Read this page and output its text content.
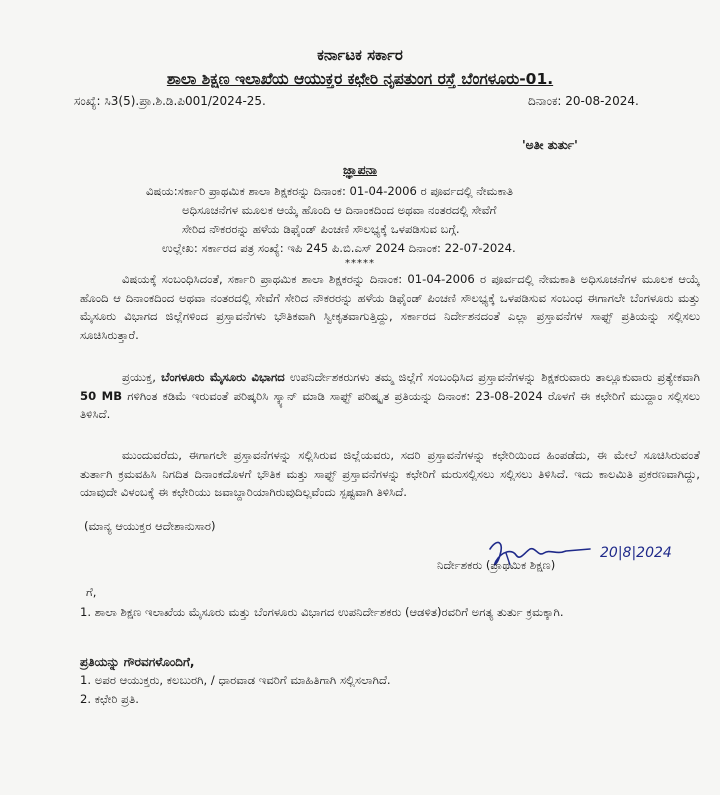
ಕರ್ನಾಟಕ ಸರ್ಕಾರ
ಶಾಲಾ ಶಿಕ್ಷಣ ಇಲಾಖೆಯ ಆಯುಕ್ತರ ಕಛೇರಿ ನೃಪತುಂಗ ರಸ್ತೆ ಬೆಂಗಳೂರು-01.
ಸಂಖ್ಯೆ: ಸಿ3(5).ಪ್ರಾ.ಶಿ.ಡಿ.ಪಿ001/2024-25.	ದಿನಾಂಕ: 20-08-2024.
'ಅತೀ ತುರ್ತು'
ಜ್ಞಾಪನಾ
ವಿಷಯ:ಸರ್ಕಾರಿ ಪ್ರಾಥಮಿಕ ಶಾಲಾ ಶಿಕ್ಷಕರನ್ನು ದಿನಾಂಕ: 01-04-2006 ರ ಪೂರ್ವದಲ್ಲಿ ನೇಮಕಾತಿ
ಅಧಿಸೂಚನೆಗಳ ಮೂಲಕ ಆಯ್ಕೆ ಹೊಂದಿ ಆ ದಿನಾಂಕದಿಂದ ಅಥವಾ ನಂತರದಲ್ಲಿ ಸೇವೆಗೆ
ಸೇರಿದ ನೌಕರರನ್ನು ಹಳೆಯ ಡಿಫೈಂಡ್ ಪಿಂಚಣಿ ಸೌಲಭ್ಯಕ್ಕೆ ಒಳಪಡಿಸುವ ಬಗ್ಗೆ.
ಉಲ್ಲೇಖ: ಸರ್ಕಾರದ ಪತ್ರ ಸಂಖ್ಯೆ: ಇಪಿ 245 ಪಿ.ಬಿ.ಎಸ್ 2024 ದಿನಾಂಕ: 22-07-2024.
*****
ವಿಷಯಕ್ಕೆ ಸಂಬಂಧಿಸಿದಂತೆ, ಸರ್ಕಾರಿ ಪ್ರಾಥಮಿಕ ಶಾಲಾ ಶಿಕ್ಷಕರನ್ನು ದಿನಾಂಕ: 01-04-2006 ರ ಪೂರ್ವದಲ್ಲಿ ನೇಮಕಾತಿ ಅಧಿಸೂಚನೆಗಳ ಮೂಲಕ ಆಯ್ಕೆ ಹೊಂದಿ ಆ ದಿನಾಂಕದಿಂದ ಅಥವಾ ನಂತರದಲ್ಲಿ ಸೇವೆಗೆ ಸೇರಿದ ನೌಕರರನ್ನು ಹಳೆಯ ಡಿಫೈಂಡ್ ಪಿಂಚಣಿ ಸೌಲಭ್ಯಕ್ಕೆ ಒಳಪಡಿಸುವ ಸಂಬಂಧ ಈಗಾಗಲೇ ಬೆಂಗಳೂರು ಮತ್ತು ಮೈಸೂರು ವಿಭಾಗದ ಜಿಲ್ಲೆಗಳಿಂದ ಪ್ರಸ್ತಾವನೆಗಳು ಭೌತಿಕವಾಗಿ ಸ್ವೀಕೃತವಾಗುತ್ತಿದ್ದು, ಸರ್ಕಾರದ ನಿರ್ದೇಶನದಂತೆ ಎಲ್ಲಾ ಪ್ರಸ್ತಾವನೆಗಳ ಸಾಫ್ಟ್ ಪ್ರತಿಯನ್ನು ಸಲ್ಲಿಸಲು ಸೂಚಿಸಿರುತ್ತಾರೆ.
ಪ್ರಯುಕ್ತ, ಬೆಂಗಳೂರು ಮೈಸೂರು ವಿಭಾಗದ ಉಪನಿರ್ದೇಶಕರುಗಳು ತಮ್ಮ ಜಿಲ್ಲೆಗೆ ಸಂಬಂಧಿಸಿದ ಪ್ರಸ್ತಾವನೆಗಳನ್ನು ಶಿಕ್ಷಕರುವಾರು ತಾಲ್ಲೂಕುವಾರು ಪ್ರತ್ಯೇಕವಾಗಿ 50 MB ಗಳಿಗಿಂತ ಕಡಿಮೆ ಇರುವಂತೆ ಪರಿಷ್ಕರಿಸಿ ಸ್ಕ್ಯಾನ್ ಮಾಡಿ ಸಾಫ್ಟ್ ಪರಿಷ್ಕೃತ ಪ್ರತಿಯನ್ನು ದಿನಾಂಕ: 23-08-2024 ರೊಳಗೆ ಈ ಕಛೇರಿಗೆ ಮುದ್ದಾಂ ಸಲ್ಲಿಸಲು ತಿಳಿಸಿದೆ.
ಮುಂದುವರೆದು, ಈಗಾಗಲೇ ಪ್ರಸ್ತಾವನೆಗಳನ್ನು ಸಲ್ಲಿಸಿರುವ ಜಿಲ್ಲೆಯವರು, ಸದರಿ ಪ್ರಸ್ತಾವನೆಗಳನ್ನು ಕಛೇರಿಯಿಂದ ಹಿಂಪಡೆದು, ಈ ಮೇಲೆ ಸೂಚಿಸಿರುವಂತೆ ತುರ್ತಾಗಿ ಕ್ರಮವಹಿಸಿ ನಿಗದಿತ ದಿನಾಂಕದೊಳಗೆ ಭೌತಿಕ ಮತ್ತು ಸಾಫ್ಟ್ ಪ್ರಸ್ತಾವನೆಗಳನ್ನು ಕಛೇರಿಗೆ ಮರುಸಲ್ಲಿಸಲು ಸಲ್ಲಿಸಲು ತಿಳಿಸಿದೆ. ಇದು ಕಾಲಮಿತಿ ಪ್ರಕರಣವಾಗಿದ್ದು, ಯಾವುದೇ ವಿಳಂಬಕ್ಕೆ ಈ ಕಛೇರಿಯು ಜವಾಬ್ದಾರಿಯಾಗಿರುವುದಿಲ್ಲವೆಂದು ಸ್ಪಷ್ಟವಾಗಿ ತಿಳಿಸಿದೆ.
(ಮಾನ್ಯ ಆಯುಕ್ತರ ಆದೇಶಾನುಸಾರ)
20|8|2024
ನಿರ್ದೇಶಕರು (ಪ್ರಾಥಮಿಕ ಶಿಕ್ಷಣ)
ಗೆ,
1. ಶಾಲಾ ಶಿಕ್ಷಣ ಇಲಾಖೆಯ ಮೈಸೂರು ಮತ್ತು ಬೆಂಗಳೂರು ವಿಭಾಗದ ಉಪನಿರ್ದೇಶಕರು (ಆಡಳಿತ)ರವರಿಗೆ ಅಗತ್ಯ ತುರ್ತು ಕ್ರಮಕ್ಕಾಗಿ.
ಪ್ರತಿಯನ್ನು ಗೌರವಗಳೊಂದಿಗೆ,
1. ಅಪರ ಆಯುಕ್ತರು, ಕಲಬುರಗಿ, / ಧಾರವಾಡ ಇವರಿಗೆ ಮಾಹಿತಿಗಾಗಿ ಸಲ್ಲಿಸಲಾಗಿದೆ.
2. ಕಛೇರಿ ಪ್ರತಿ.
